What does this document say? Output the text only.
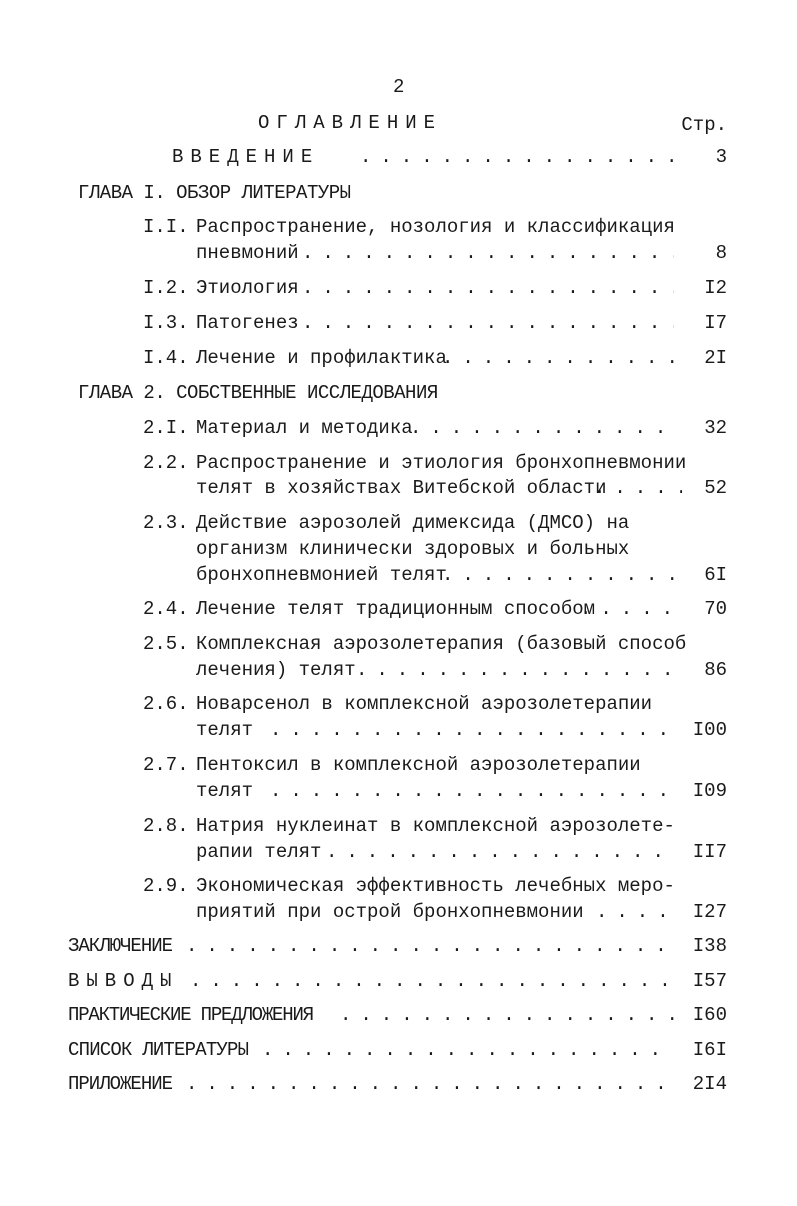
2
ОГЛАВЛЕНИЕ	Стр.
ВВЕДЕНИЕ . . .	3
ГЛАВА I. ОБЗОР ЛИТЕРАТУРЫ
I.I. Распространение, нозология и классификация
пневмоний . . .	8
I.2. Этиология . . .	I2
I.3. Патогенез . . .	I7
I.4. Лечение и профилактика . . .	2I
ГЛАВА 2. СОБСТВЕННЫЕ ИССЛЕДОВАНИЯ
2.I. Материал и методика . . .	32
2.2. Распространение и этиология бронхопневмонии
телят в хозяйствах Витебской области . . .	52
2.3. Действие аэрозолей димексида (ДМСО) на
организм клинически здоровых и больных
бронхопневмонией телят . . .	6I
2.4. Лечение телят традиционным способом . . .	70
2.5. Комплексная аэрозолетерапия (базовый способ
лечения) телят . . .	86
2.6. Новарсенол в комплексной аэрозолетерапии
телят . . .	I00
2.7. Пентоксил в комплексной аэрозолетерапии
телят . . .	I09
2.8. Натрия нуклеинат в комплексной аэрозолете-
рапии телят . . .	II7
2.9. Экономическая эффективность лечебных меро-
приятий при острой бронхопневмонии . . .	I27
ЗАКЛЮЧЕНИЕ . . .	I38
ВЫВОДЫ . . .	I57
ПРАКТИЧЕСКИЕ ПРЕДЛОЖЕНИЯ . . .	I60
СПИСОК ЛИТЕРАТУРЫ . . .	I6I
ПРИЛОЖЕНИЕ . . .	2I4
